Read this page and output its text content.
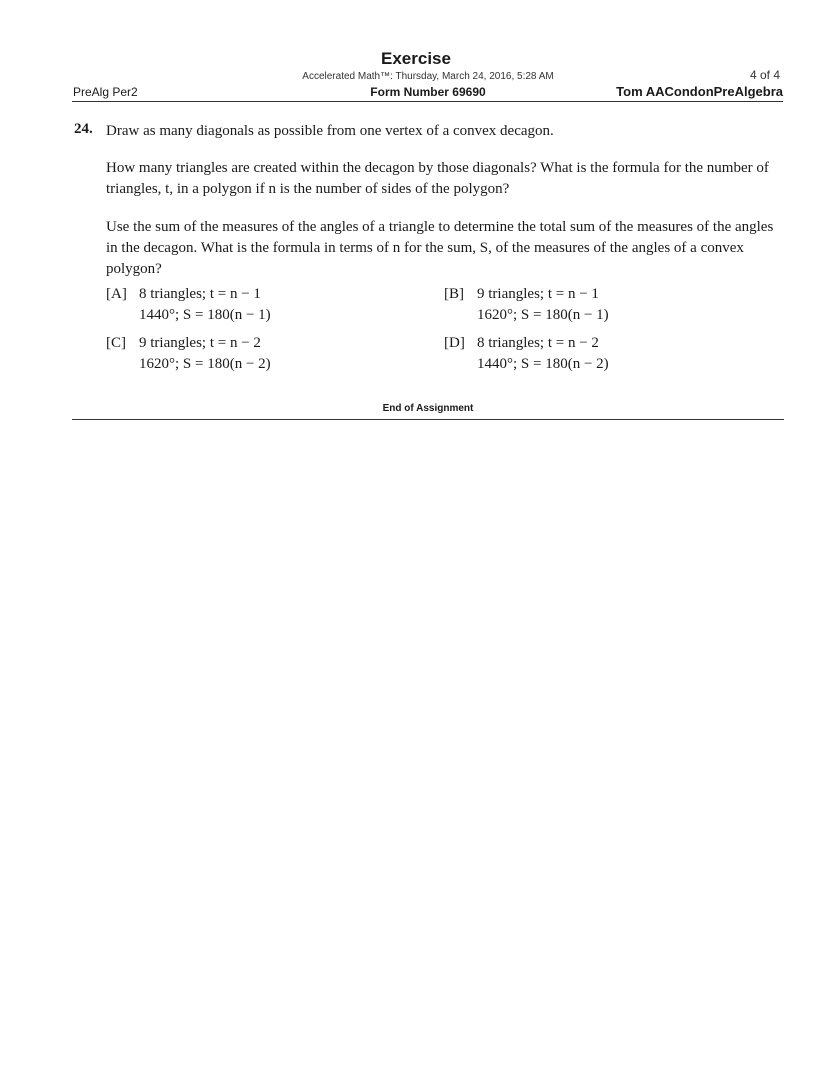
Exercise
Accelerated Math™: Thursday, March 24, 2016, 5:28 AM	4 of 4
PreAlg Per2	Form Number 69690	Tom AACondonPreAlgebra
24. Draw as many diagonals as possible from one vertex of a convex decagon.
How many triangles are created within the decagon by those diagonals? What is the formula for the number of triangles, t, in a polygon if n is the number of sides of the polygon?
Use the sum of the measures of the angles of a triangle to determine the total sum of the measures of the angles in the decagon. What is the formula in terms of n for the sum, S, of the measures of the angles of a convex polygon?
[A] 8 triangles; t = n − 1
1440°; S = 180(n − 1)
[B] 9 triangles; t = n − 1
1620°; S = 180(n − 1)
[C] 9 triangles; t = n − 2
1620°; S = 180(n − 2)
[D] 8 triangles; t = n − 2
1440°; S = 180(n − 2)
End of Assignment
